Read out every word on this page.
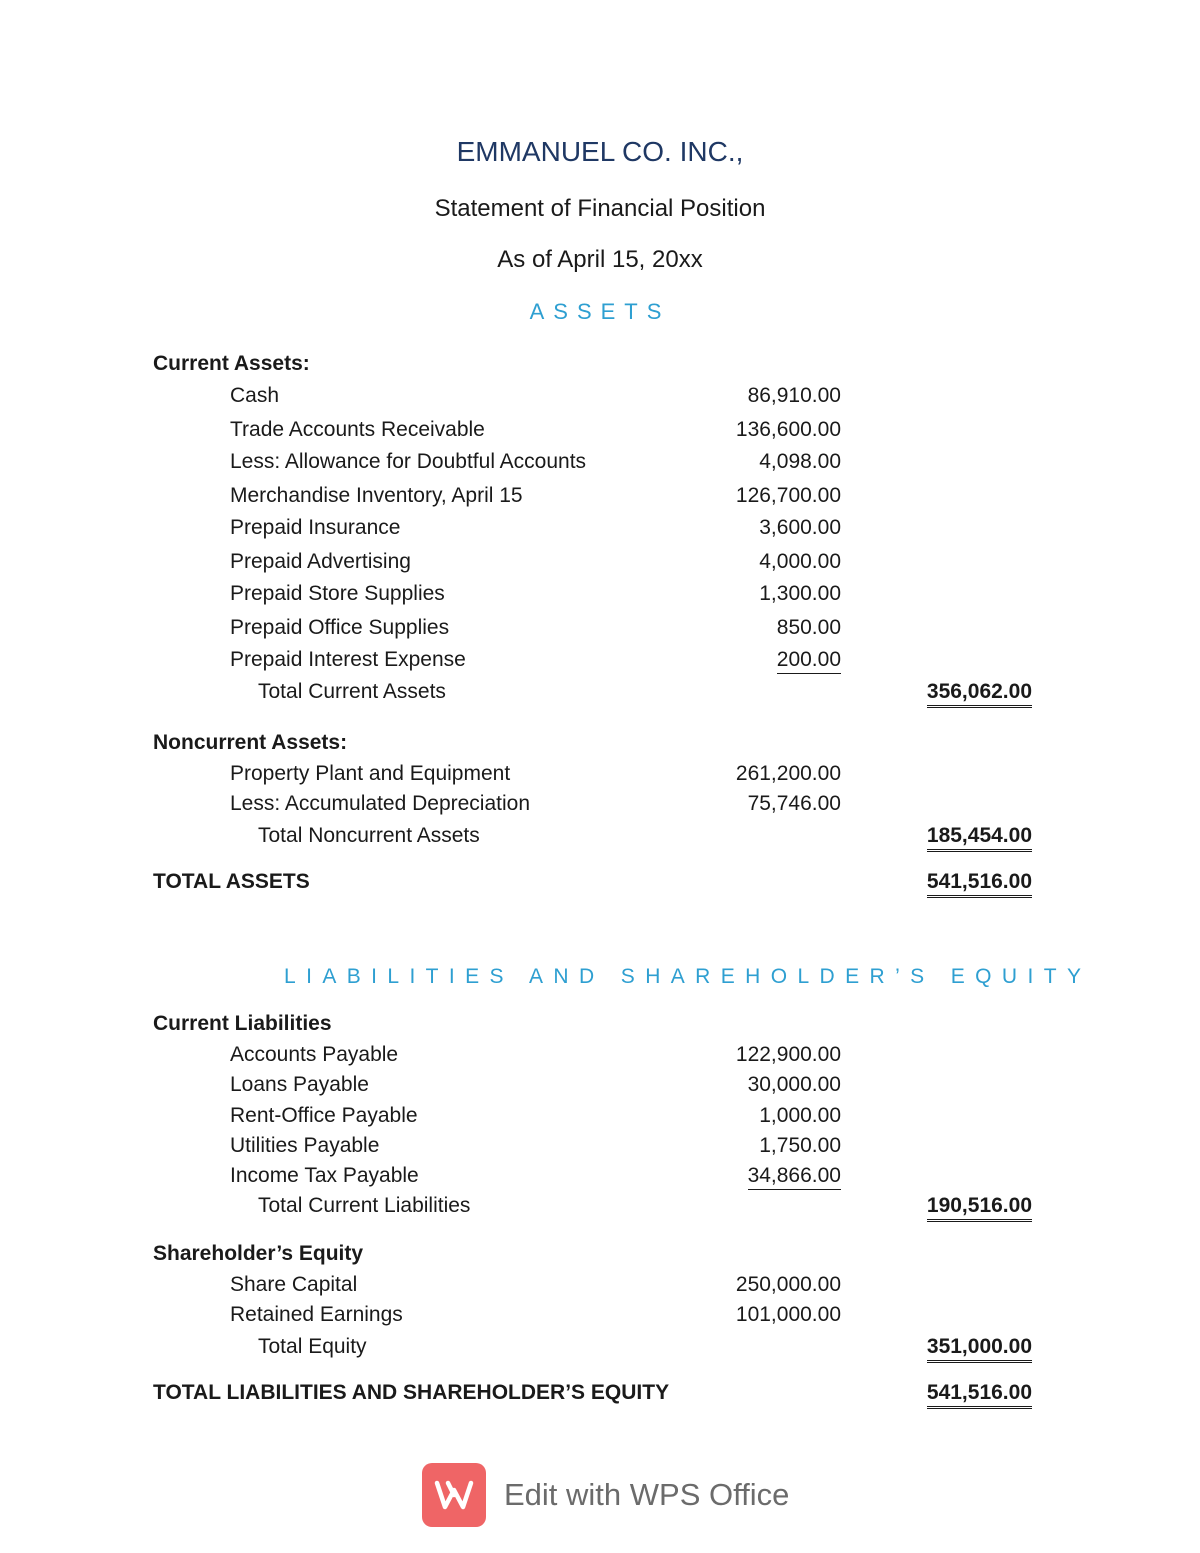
EMMANUEL CO. INC.,
Statement of Financial Position
As of April 15, 20xx
ASSETS
Current Assets:
Cash	86,910.00
Trade Accounts Receivable	136,600.00
Less: Allowance for Doubtful Accounts	4,098.00
Merchandise Inventory, April 15	126,700.00
Prepaid Insurance	3,600.00
Prepaid Advertising	4,000.00
Prepaid Store Supplies	1,300.00
Prepaid Office Supplies	850.00
Prepaid Interest Expense	200.00
Total Current Assets	356,062.00
Noncurrent Assets:
Property Plant and Equipment	261,200.00
Less: Accumulated Depreciation	75,746.00
Total Noncurrent Assets	185,454.00
TOTAL ASSETS	541,516.00
LIABILITIES AND SHAREHOLDER’S EQUITY
Current Liabilities
Accounts Payable	122,900.00
Loans Payable	30,000.00
Rent-Office Payable	1,000.00
Utilities Payable	1,750.00
Income Tax Payable	34,866.00
Total Current Liabilities	190,516.00
Shareholder’s Equity
Share Capital	250,000.00
Retained Earnings	101,000.00
Total Equity	351,000.00
TOTAL LIABILITIES AND SHAREHOLDER’S EQUITY	541,516.00
Edit with WPS Office
